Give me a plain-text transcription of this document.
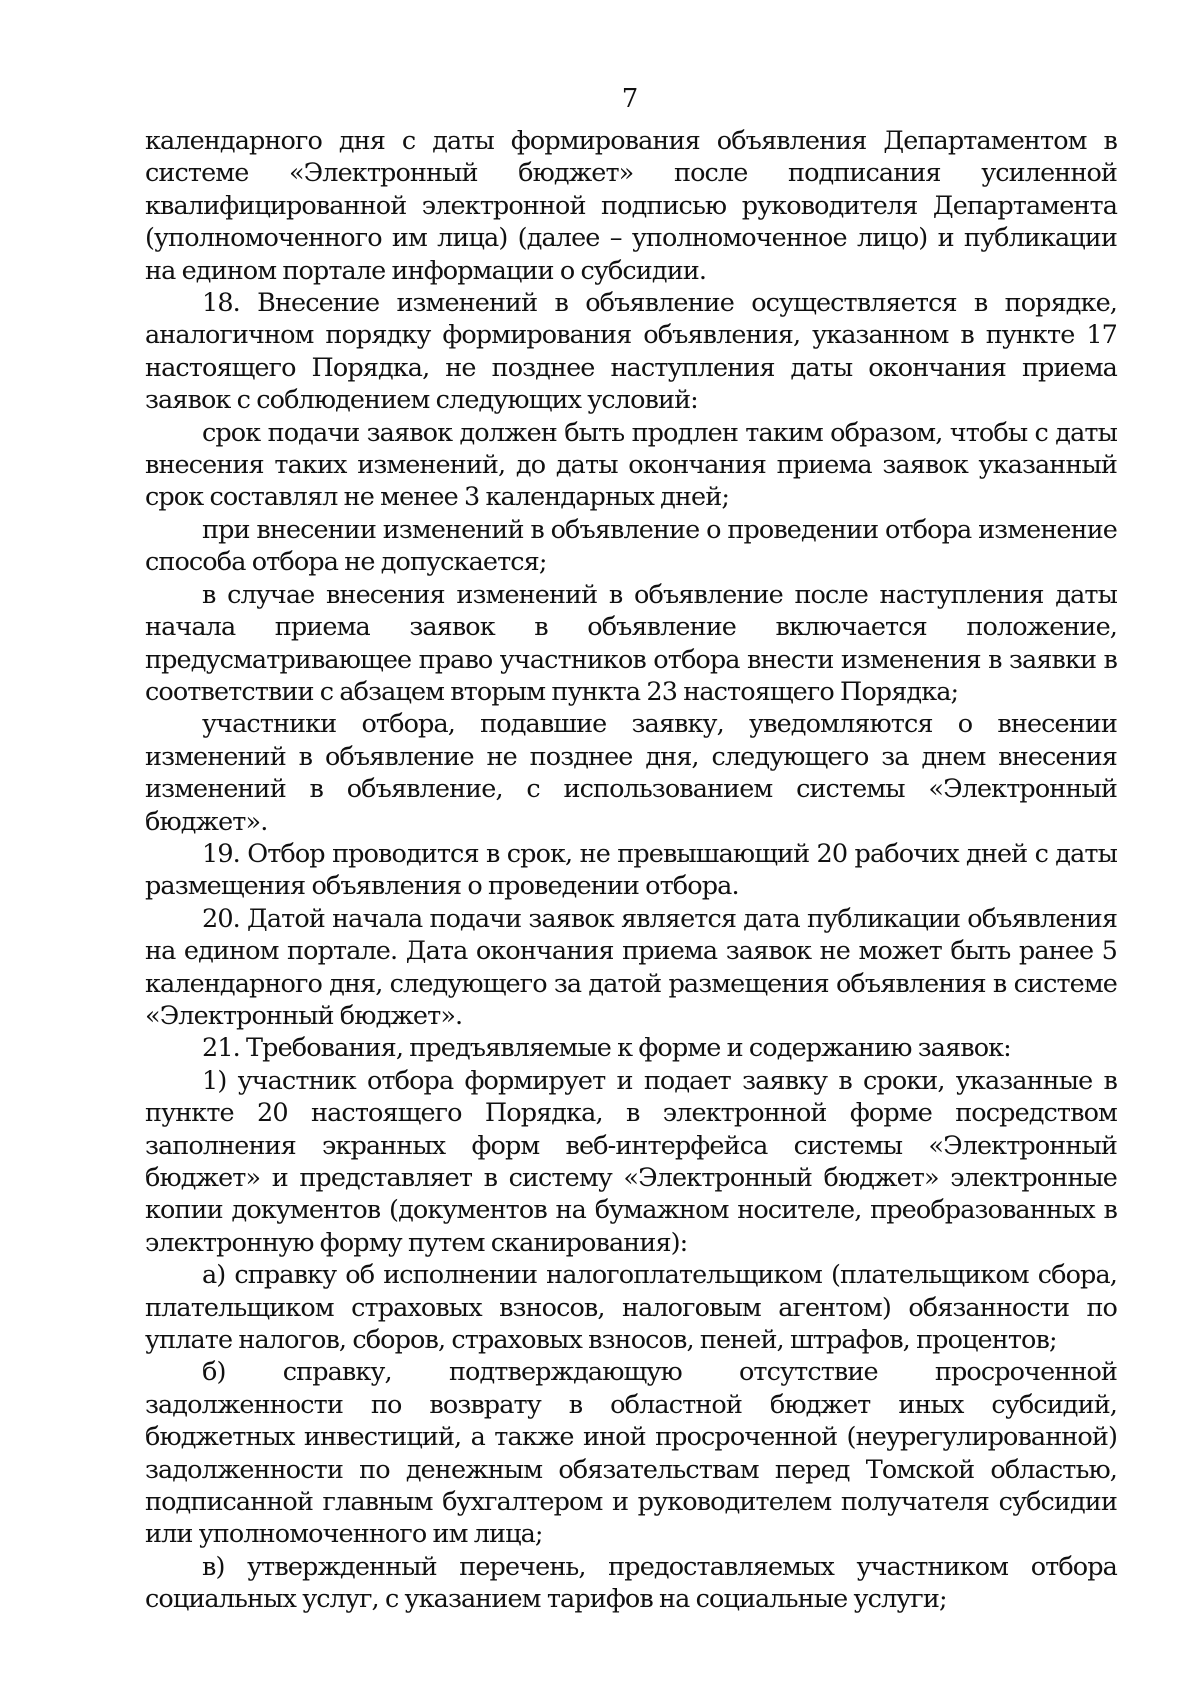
7

календарного дня с даты формирования объявления Департаментом в системе «Электронный бюджет» после подписания усиленной квалифицированной электронной подписью руководителя Департамента (уполномоченного им лица) (далее – уполномоченное лицо) и публикации на едином портале информации о субсидии.

18. Внесение изменений в объявление осуществляется в порядке, аналогичном порядку формирования объявления, указанном в пункте 17 настоящего Порядка, не позднее наступления даты окончания приема заявок с соблюдением следующих условий:

срок подачи заявок должен быть продлен таким образом, чтобы с даты внесения таких изменений, до даты окончания приема заявок указанный срок составлял не менее 3 календарных дней;

при внесении изменений в объявление о проведении отбора изменение способа отбора не допускается;

в случае внесения изменений в объявление после наступления даты начала приема заявок в объявление включается положение, предусматривающее право участников отбора внести изменения в заявки в соответствии с абзацем вторым пункта 23 настоящего Порядка;

участники отбора, подавшие заявку, уведомляются о внесении изменений в объявление не позднее дня, следующего за днем внесения изменений в объявление, с использованием системы «Электронный бюджет».

19. Отбор проводится в срок, не превышающий 20 рабочих дней с даты размещения объявления о проведении отбора.

20. Датой начала подачи заявок является дата публикации объявления на едином портале. Дата окончания приема заявок не может быть ранее 5 календарного дня, следующего за датой размещения объявления в системе «Электронный бюджет».

21. Требования, предъявляемые к форме и содержанию заявок:

1) участник отбора формирует и подает заявку в сроки, указанные в пункте 20 настоящего Порядка, в электронной форме посредством заполнения экранных форм веб-интерфейса системы «Электронный бюджет» и представляет в систему «Электронный бюджет» электронные копии документов (документов на бумажном носителе, преобразованных в электронную форму путем сканирования):

а) справку об исполнении налогоплательщиком (плательщиком сбора, плательщиком страховых взносов, налоговым агентом) обязанности по уплате налогов, сборов, страховых взносов, пеней, штрафов, процентов;

б) справку, подтверждающую отсутствие просроченной задолженности по возврату в областной бюджет иных субсидий, бюджетных инвестиций, а также иной просроченной (неурегулированной) задолженности по денежным обязательствам перед Томской областью, подписанной главным бухгалтером и руководителем получателя субсидии или уполномоченного им лица;

в) утвержденный перечень, предоставляемых участником отбора социальных услуг, с указанием тарифов на социальные услуги;
